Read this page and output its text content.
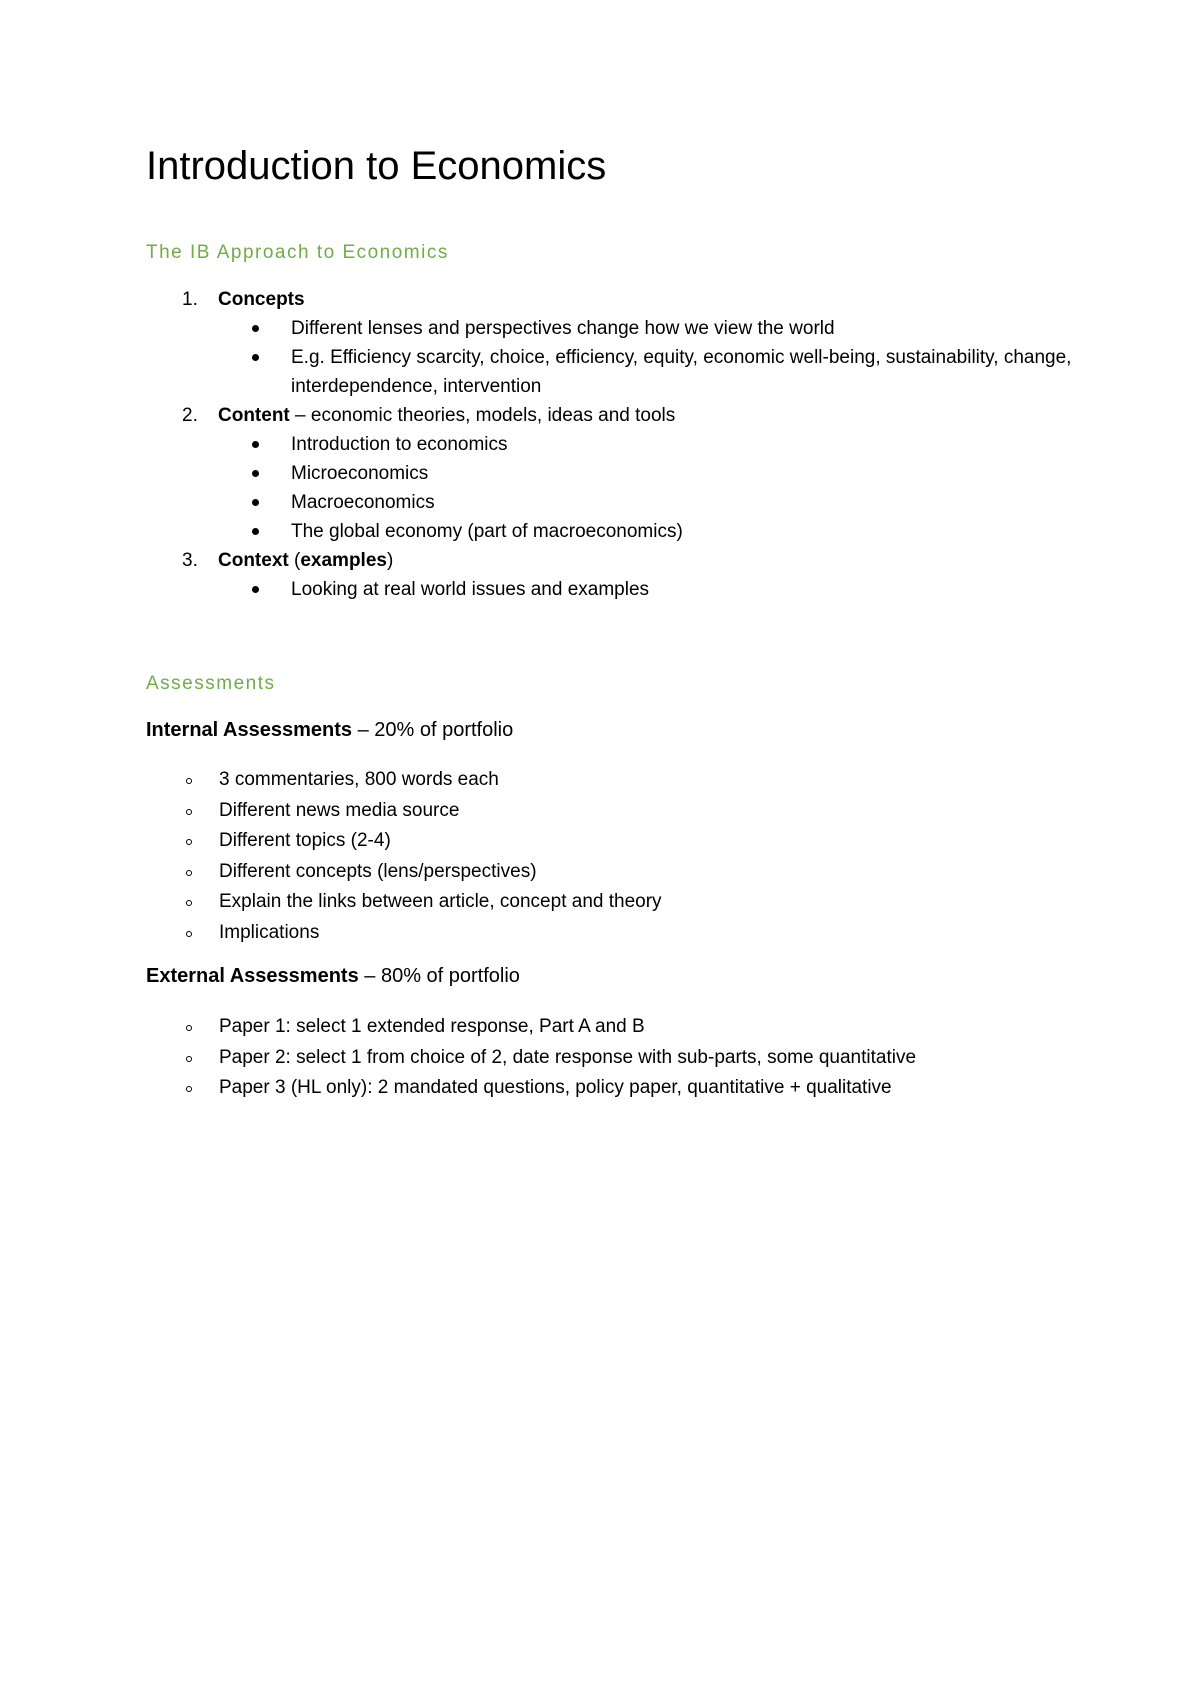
Introduction to Economics
The IB Approach to Economics
1. Concepts
Different lenses and perspectives change how we view the world
E.g. Efficiency scarcity, choice, efficiency, equity, economic well-being, sustainability, change, interdependence, intervention
2. Content – economic theories, models, ideas and tools
Introduction to economics
Microeconomics
Macroeconomics
The global economy (part of macroeconomics)
3. Context (examples)
Looking at real world issues and examples
Assessments

Internal Assessments – 20% of portfolio

3 commentaries, 800 words each
Different news media source
Different topics (2-4)
Different concepts (lens/perspectives)
Explain the links between article, concept and theory
Implications

External Assessments – 80% of portfolio

Paper 1: select 1 extended response, Part A and B
Paper 2: select 1 from choice of 2, date response with sub-parts, some quantitative
Paper 3 (HL only): 2 mandated questions, policy paper, quantitative + qualitative
